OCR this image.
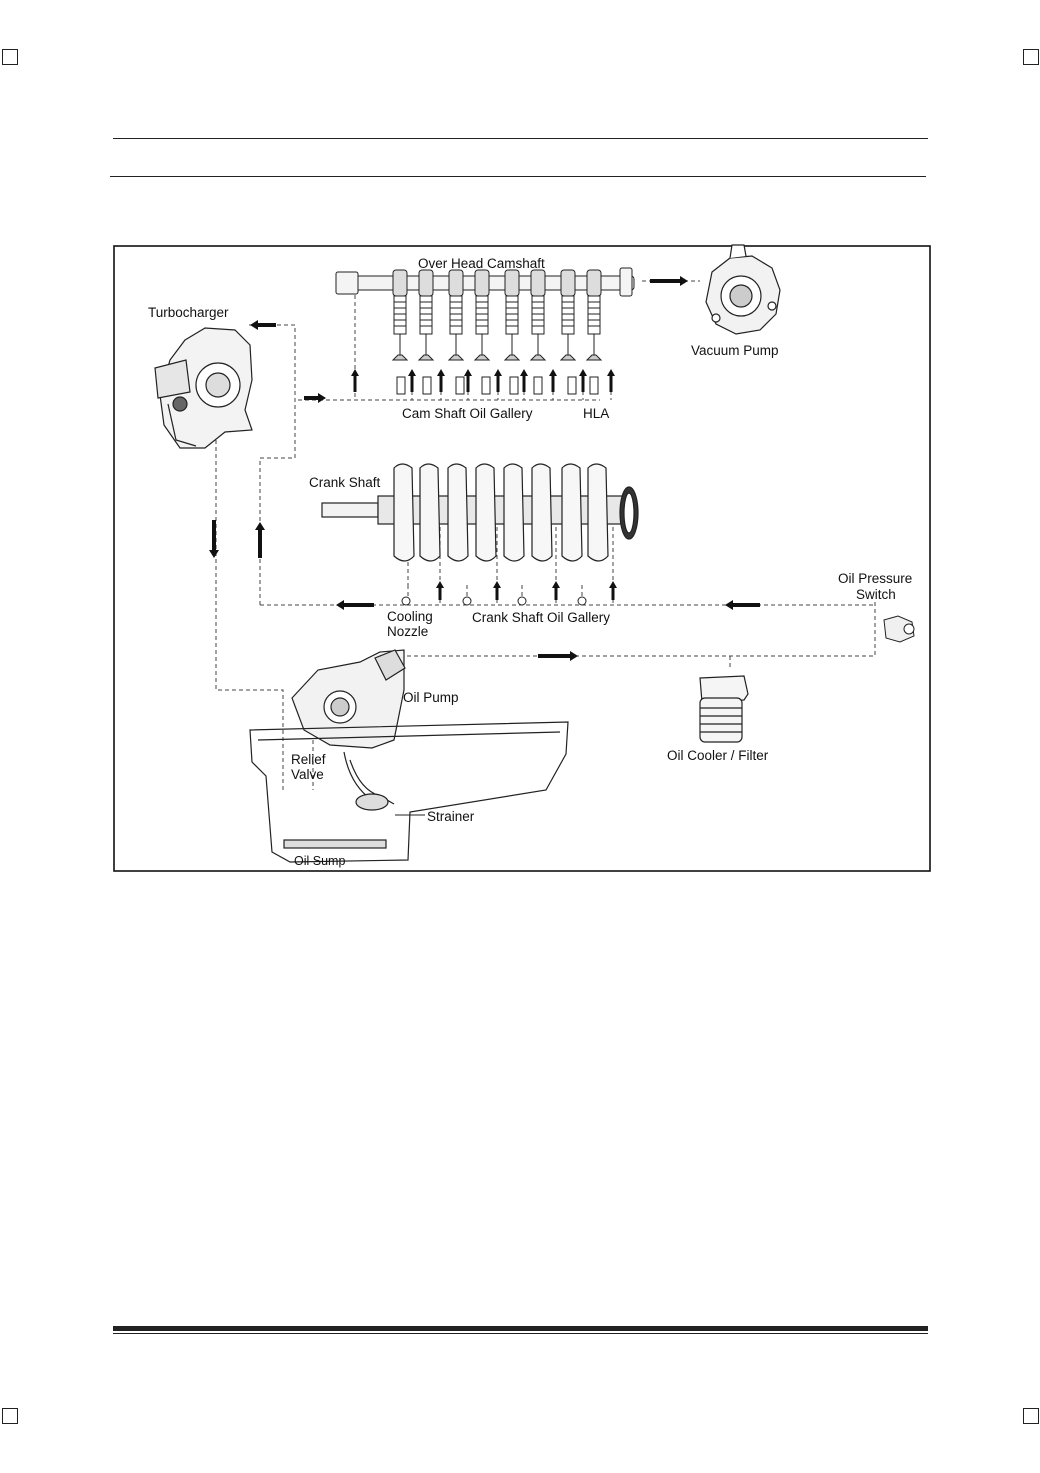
Over Head Camshaft
Turbocharger
Vacuum Pump
Cam Shaft Oil Gallery	HLA
Crank Shaft
Oil Pressure
Switch
Cooling
Nozzle
Crank Shaft Oil Gallery
Oil Pump
Relief
Valve
Oil Cooler / Filter
Strainer
Oil Sump
